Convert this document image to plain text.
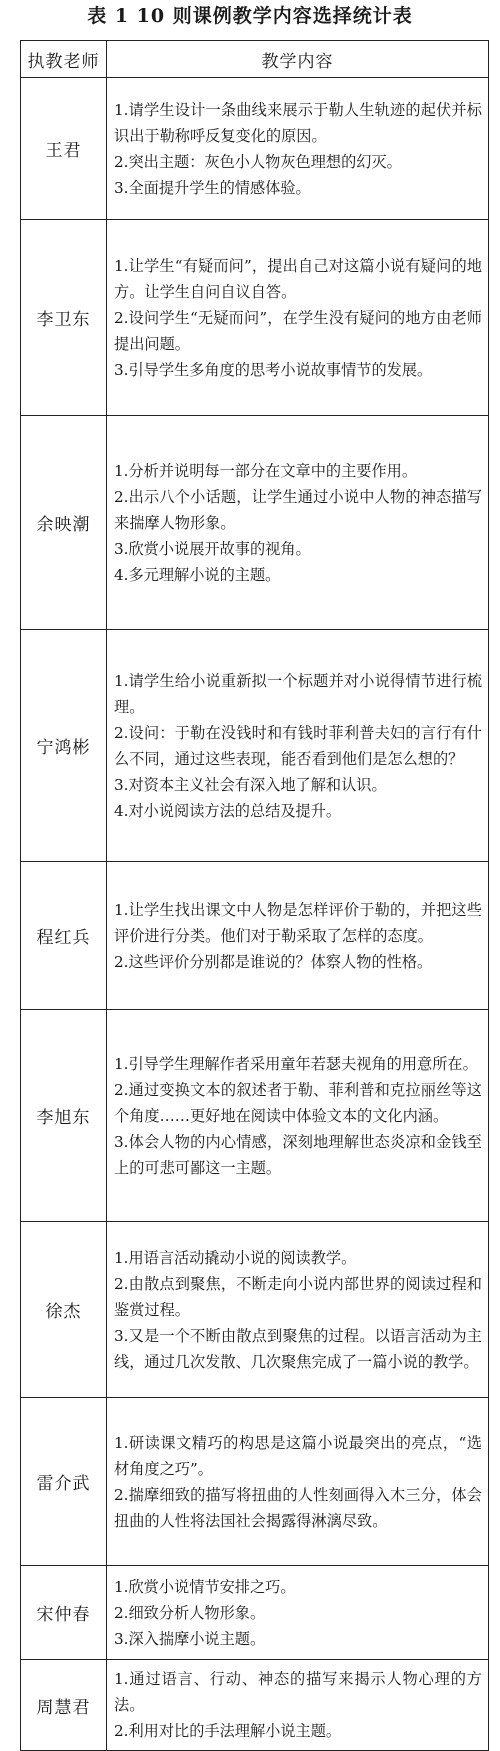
表 1 10 则课例教学内容选择统计表
执教老师	教学内容
王君	1.请学生设计一条曲线来展示于勒人生轨迹的起伏并标识出于勒称呼反复变化的原因。
2.突出主题：灰色小人物灰色理想的幻灭。
3.全面提升学生的情感体验。

李卫东	1.让学生“有疑而问”，提出自己对这篇小说有疑问的地方。让学生自问自议自答。
2.设问学生“无疑而问”，在学生没有疑问的地方由老师提出问题。
3.引导学生多角度的思考小说故事情节的发展。

余映潮	1.分析并说明每一部分在文章中的主要作用。
2.出示八个小话题，让学生通过小说中人物的神态描写来揣摩人物形象。
3.欣赏小说展开故事的视角。
4.多元理解小说的主题。

宁鸿彬	1.请学生给小说重新拟一个标题并对小说得情节进行梳理。
2.设问：于勒在没钱时和有钱时菲利普夫妇的言行有什么不同，通过这些表现，能否看到他们是怎么想的？
3.对资本主义社会有深入地了解和认识。
4.对小说阅读方法的总结及提升。

程红兵	1.让学生找出课文中人物是怎样评价于勒的，并把这些评价进行分类。他们对于勒采取了怎样的态度。
2.这些评价分别都是谁说的？体察人物的性格。

李旭东	1.引导学生理解作者采用童年若瑟夫视角的用意所在。
2.通过变换文本的叙述者于勒、菲利普和克拉丽丝等这个角度……更好地在阅读中体验文本的文化内涵。
3.体会人物的内心情感，深刻地理解世态炎凉和金钱至上的可悲可鄙这一主题。

徐杰	1.用语言活动撬动小说的阅读教学。
2.由散点到聚焦，不断走向小说内部世界的阅读过程和鉴赏过程。
3.又是一个不断由散点到聚焦的过程。以语言活动为主线，通过几次发散、几次聚焦完成了一篇小说的教学。

雷介武	1.研读课文精巧的构思是这篇小说最突出的亮点，“选材角度之巧”。
2.揣摩细致的描写将扭曲的人性刻画得入木三分，体会扭曲的人性将法国社会揭露得淋漓尽致。

宋仲春	1.欣赏小说情节安排之巧。
2.细致分析人物形象。
3.深入揣摩小说主题。

周慧君	1.通过语言、行动、神态的描写来揭示人物心理的方法。
2.利用对比的手法理解小说主题。
